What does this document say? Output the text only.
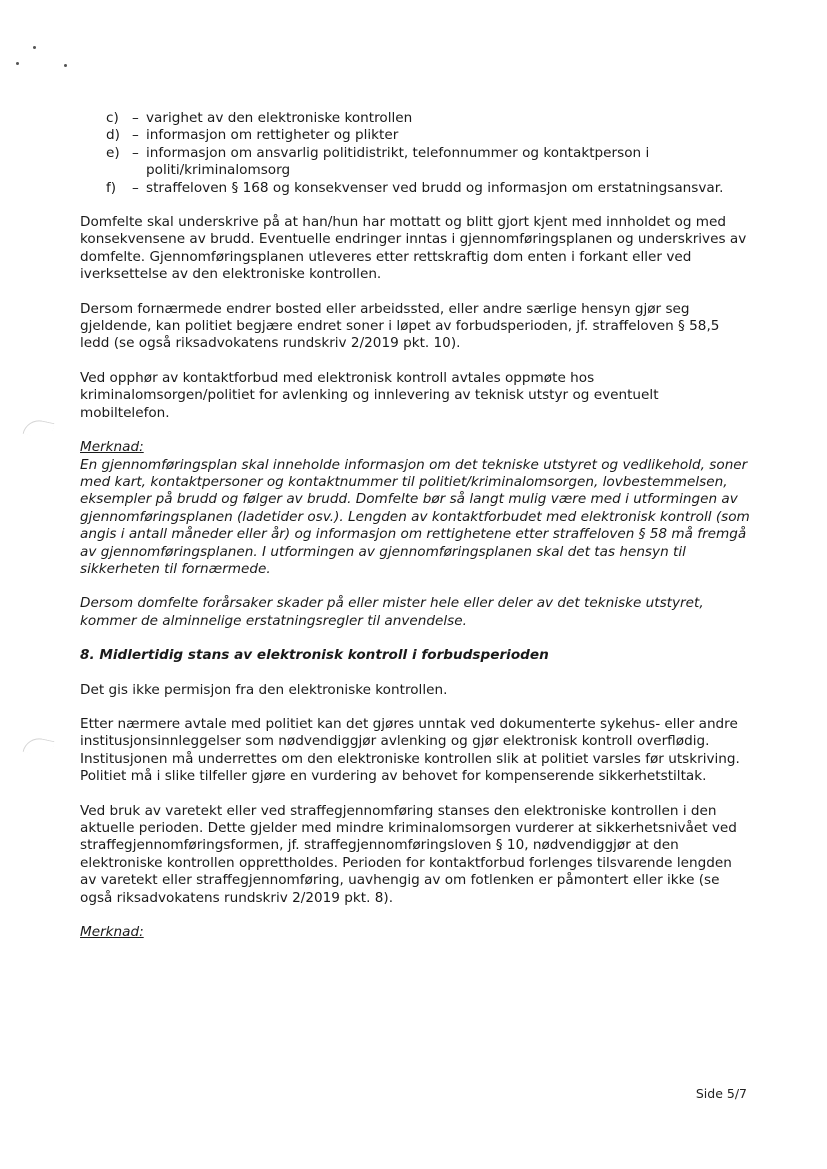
c) – varighet av den elektroniske kontrollen
d) – informasjon om rettigheter og plikter
e) – informasjon om ansvarlig politidistrikt, telefonnummer og kontaktperson i politi/kriminalomsorg
f)	– straffeloven § 168 og konsekvenser ved brudd og informasjon om erstatningsansvar.

Domfelte skal underskrive på at han/hun har mottatt og blitt gjort kjent med innholdet og med konsekvensene av brudd. Eventuelle endringer inntas i gjennomføringsplanen og underskrives av domfelte. Gjennomføringsplanen utleveres etter rettskraftig dom enten i forkant eller ved iverksettelse av den elektroniske kontrollen.

Dersom fornærmede endrer bosted eller arbeidssted, eller andre særlige hensyn gjør seg gjeldende, kan politiet begjære endret soner i løpet av forbudsperioden, jf. straffeloven § 58,5 ledd (se også riksadvokatens rundskriv 2/2019 pkt. 10).

Ved opphør av kontaktforbud med elektronisk kontroll avtales oppmøte hos kriminalomsorgen/politiet for avlenking og innlevering av teknisk utstyr og eventuelt mobiltelefon.

Merknad:

En gjennomføringsplan skal inneholde informasjon om det tekniske utstyret og vedlikehold, soner med kart, kontaktpersoner og kontaktnummer til politiet/kriminalomsorgen, lovbestemmelsen, eksempler på brudd og følger av brudd. Domfelte bør så langt mulig være med i utformingen av gjennomføringsplanen (ladetider osv.). Lengden av kontaktforbudet med elektronisk kontroll (som angis i antall måneder eller år) og informasjon om rettighetene etter straffeloven § 58 må fremgå av gjennomføringsplanen. I utformingen av gjennomføringsplanen skal det tas hensyn til sikkerheten til fornærmede.

Dersom domfelte forårsaker skader på eller mister hele eller deler av det tekniske utstyret, kommer de alminnelige erstatningsregler til anvendelse.

8. Midlertidig stans av elektronisk kontroll i forbudsperioden

Det gis ikke permisjon fra den elektroniske kontrollen.

Etter nærmere avtale med politiet kan det gjøres unntak ved dokumenterte sykehus- eller andre institusjonsinnleggelser som nødvendiggjør avlenking og gjør elektronisk kontroll overflødig. Institusjonen må underrettes om den elektroniske kontrollen slik at politiet varsles før utskriving. Politiet må i slike tilfeller gjøre en vurdering av behovet for kompenserende sikkerhetstiltak.

Ved bruk av varetekt eller ved straffegjennomføring stanses den elektroniske kontrollen i den aktuelle perioden. Dette gjelder med mindre kriminalomsorgen vurderer at sikkerhetsnivået ved straffegjennomføringsformen, jf. straffegjennomføringsloven § 10, nødvendiggjør at den elektroniske kontrollen opprettholdes. Perioden for kontaktforbud forlenges tilsvarende lengden av varetekt eller straffegjennomføring, uavhengig av om fotlenken er påmontert eller ikke (se også riksadvokatens rundskriv 2/2019 pkt. 8).

Merknad:

Side 5/7
